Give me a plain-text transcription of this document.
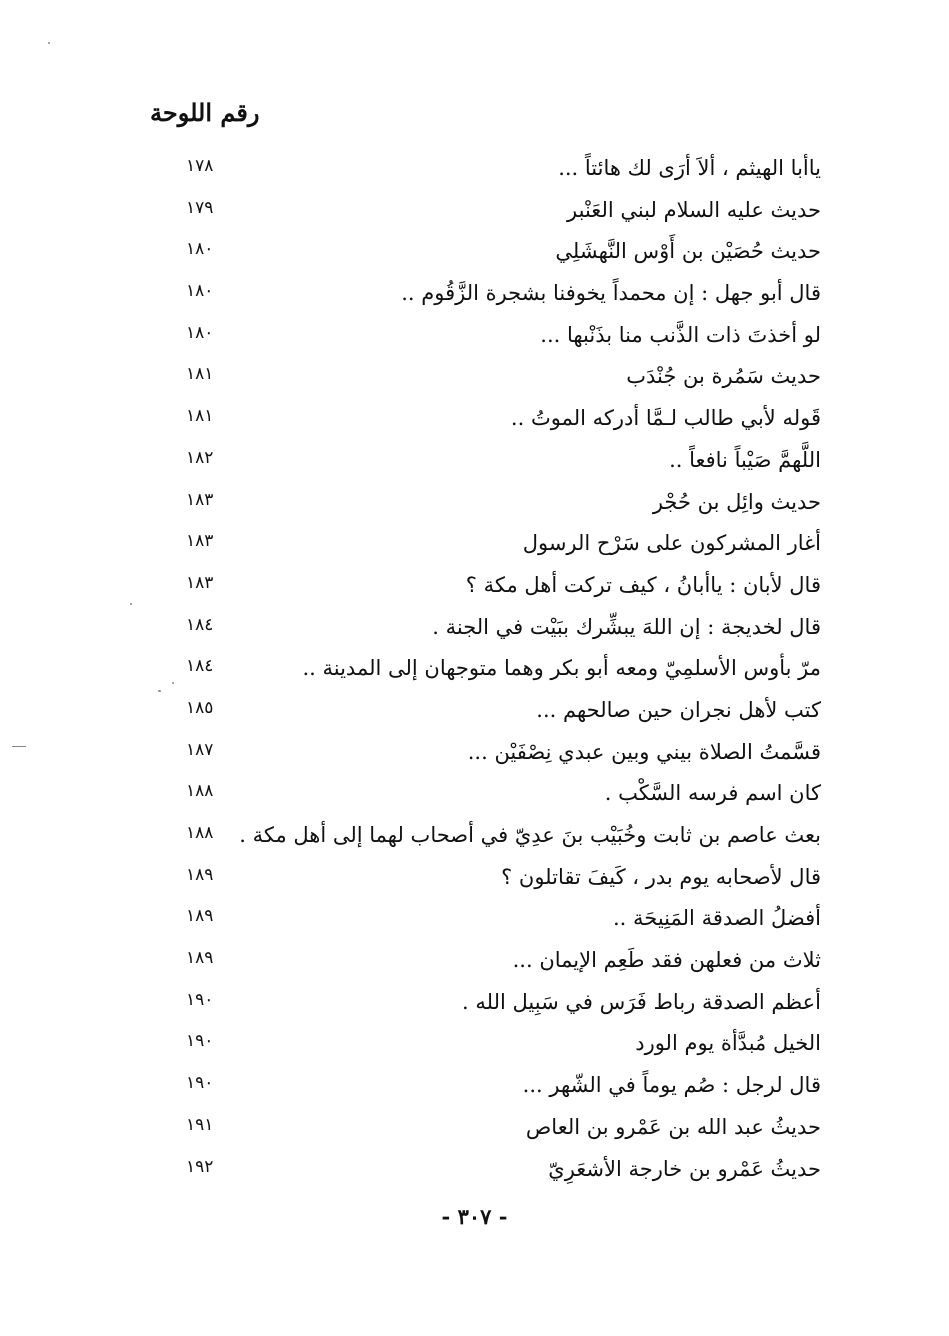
رقم اللوحة
ياأبا الهيثم ، ألاَ أرَى لك هائتاً ...
١٧٨
حديث عليه السلام لبني العَنْبر
١٧٩
حديث حُصَيْن بن أَوْس النَّهشَلِي
١٨٠
قال أبو جهل : إن محمداً يخوفنا بشجرة الزَّقُوم ..
١٨٠
لو أخذتَ ذات الذَّنب منا بذَنْبها ...
١٨٠
حديث سَمُرة بن جُنْدَب
١٨١
قَوله لأبي طالب لـمَّا أدركه الموتُ ..
١٨١
اللَّهمَّ صَيْباً نافعاً ..
١٨٢
حديث وائِل بن حُجْر
١٨٣
أغار المشركون على سَرْح الرسول
١٨٣
قال لأبان : ياأبانُ ، كيف تركت أهل مكة ؟
١٨٣
قال لخديجة : إن اللهَ يبشِّرك ببَيْت في الجنة .
١٨٤
مرّ بأوس الأسلمِيّ ومعه أبو بكر وهما متوجهان إلى المدينة ..
١٨٤
كتب لأهل نجران حين صالحهم ...
١٨٥
قسَّمتُ الصلاة بيني وبين عبدي نِصْفَيْن ...
١٨٧
كان اسم فرسه السَّكْب .
١٨٨
بعث عاصم بن ثابت وخُبَيْب بنَ عدِيّ في أصحاب لهما إلى أهل مكة .
١٨٨
قال لأصحابه يوم بدر ، كَيفَ تقاتلون ؟
١٨٩
أفضلُ الصدقة المَنِيحَة ..
١٨٩
ثلاث من فعلهن فقد طَعِم الإيمان ...
١٨٩
أعظم الصدقة رباط فَرَس في سَبِيل الله .
١٩٠
الخيل مُبدَّأة يوم الورد
١٩٠
قال لرجل : صُم يوماً في الشّهر ...
١٩٠
حديثُ عبد الله بن عَمْرو بن العاص
١٩١
حديثُ عَمْرو بن خارجة الأشعَرِيّ
١٩٢
- ٣٠٧ -
